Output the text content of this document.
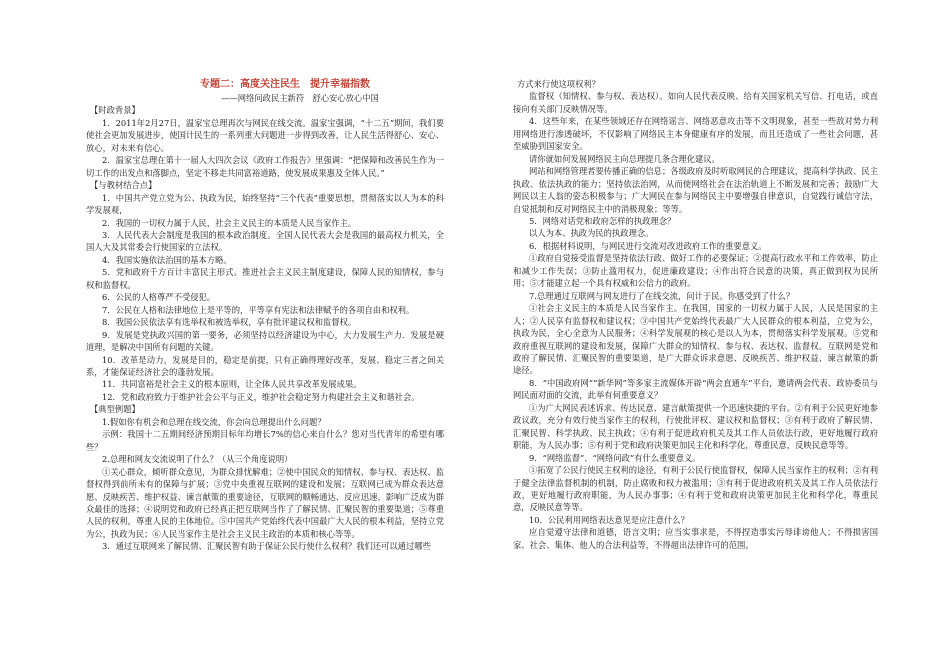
专题二：高度关注民生　提升幸福指数
——网络问政民主新符　舒心安心放心中国
【时政背景】
1．2011年2月27日，温家宝总理再次与网民在线交流。温家宝强调，“十二五”期间，我们要使社会更加发展进步，使国计民生的一系列重大问题进一步得到改善，让人民生活得舒心、安心、放心，对未来有信心。
2．温家宝总理在第十一届人大四次会议《政府工作报告》里强调：“把保障和改善民生作为一切工作的出发点和落脚点，坚定不移走共同富裕道路，使发展成果惠及全体人民。”
【与教材结合点】
1．中国共产党立党为公、执政为民，始终坚持“三个代表”重要思想，贯彻落实以人为本的科学发展观，
2．我国的一切权力属于人民，社会主义民主的本质是人民当家作主。
3．人民代表大会制度是我国的根本政治制度。全国人民代表大会是我国的最高权力机关，全国人大及其常委会行使国家的立法权。
4．我国实施依法治国的基本方略。
5．党和政府千方百计丰富民主形式。推进社会主义民主制度建设，保障人民的知情权，参与权和监督权。
6．公民的人格尊严不受侵犯。
7．公民在人格和法律地位上是平等的，平等享有宪法和法律赋予的各项自由和权利。
8．我国公民依法享有选举权和被选举权，享有批评建议权和监督权。
9．发展是党执政兴国的第一要务，必须坚持以经济建设为中心，大力发展生产力．发展是硬道理，是解决中国所有问题的关键。
10．改革是动力，发展是目的，稳定是前提，只有正确得理好改革，发展、稳定三者之间关系，才能保证经济社会的蓬勃发展。
11．共同富裕是社会主义的根本原则，让全体人民共享改革发展成果。
12．党和政府致力于维护社会公平与正义，维护社会稳定努力构建社会主义和谐社会。
【典型例题】
1.假如你有机会和总理在线交流，你会向总理提出什么问题？
示例：我国十二五期间经济预期目标年均增长7%的信心来自什么？您对当代青年的希望有哪些？
2.总理和网友交流说明了什么？（从三个角度说明）
①关心群众，倾听群众意见，为群众排忧解难；②使中国民众的知情权、参与权、表达权、监督权得到前所未有的保障与扩展；③党中央重视互联网的建设和发展；互联网已成为群众表达意愿、反映疾苦、维护权益、谏言献策的重要途径，互联网的顺畅通达、反应迅速、影响广泛成为群众最佳的选择；④说明党和政府已经真正把互联网当作了了解民情、汇聚民智的重要渠道；⑤尊重人民的权利，尊重人民的主体地位。⑤中国共产党始终代表中国最广大人民的根本利益，坚持立党为公，执政为民；⑥人民当家作主是社会主义民主政治的本质和核心等等。
3．通过互联网来了解民情、汇聚民智有助于保证公民行使什么权利？我们还可以通过哪些
方式来行使这项权利？
监督权（知情权、参与权、表达权）。如向人民代表反映、给有关国家机关写信、打电话，或直接向有关部门反映情况等。
4．这些年来，在某些领域还存在网络谣言、网络恶意攻击等不文明现象，甚至一些敌对势力利用网络进行渗透破坏，不仅影响了网络民主本身健康有序的发展，而且还造成了一些社会问题，甚至威胁到国家安全。
请你就如何发展网络民主向总理提几条合理化建议。
网站和网络管理者要传播正确的信息；各级政府及时听取网民的合理建议，提高科学执政、民主执政、依法执政的能力；坚持依法治网，从而使网络社会在法治轨道上不断发展和完善；鼓励广大网民以主人翁的姿态积极参与；广大网民在参与网络民主中要增强自律意识，自觉践行诚信守法，自觉抵制和反对网络民主中的消极现象；等等。
5．网络对话党和政府怎样的执政理念？
以人为本、执政为民的执政理念。
6．根据材料说明，与网民进行交流对改进政府工作的重要意义。
①政府自觉接受监督是坚持依法行政、做好工作的必要保证；②提高行政水平和工作效率，防止和减少工作失误；③防止滥用权力，促进廉政建设；④作出符合民意的决策，真正做到权为民所用；⑤才能建立起一个具有权威和公信力的政府。
7.总理通过互联网与网友进行了在线交流，问计于民。你感受到了什么？
①社会主义民主的本质是人民当家作主。在我国，国家的一切权力属于人民，人民是国家的主人；②人民享有监督权和建议权；③中国共产党始终代表最广大人民群众的根本利益，立党为公，执政为民，全心全意为人民服务；④科学发展观的核心是以人为本，贯彻落实科学发展观。⑤党和政府重视互联网的建设和发展，保障广大群众的知情权、参与权、表达权、监督权。互联网是党和政府了解民情、汇聚民智的重要渠道，是广大群众诉求意愿、反映疾苦、维护权益、谏言献策的新途径。
8．“中国政府网”“新华网”等多家主流媒体开辟“两会直通车”平台，邀请两会代表、政协委员与网民面对面的交流，此举有何重要意义？
①为广大网民表述诉求、传达民意、建言献策提供一个迅速快捷的平台。②有利于公民更好地参政议政，充分有效行使当家作主的权利，行使批评权、建议权和监督权；③有利于政府了解民情、汇聚民智、科学执政、民主执政；④有利于促进政府机关及其工作人员依法行政，更好地履行政府职能，为人民办事；⑤有利于党和政府决策更加民主化和科学化，尊重民意，反映民意等等。
9．“网络监督”、“网络问政”有什么重要意义。
①拓宽了公民行使民主权利的途径，有利于公民行使监督权，保障人民当家作主的权利；②有利于健全法律监督机制的机制，防止腐败和权力被滥用；③有利于促进政府机关及其工作人员依法行政，更好地履行政府职能，为人民办事事；④有利于党和政府决策更加民主化和科学化，尊重民意，反映民意等等。
10．公民利用网络表达意见是应注意什么？
应自觉遵守法律和道德，语言文明；应当实事求是，不得捏造事实污辱诽谤他人；不得损害国家、社会、集体、他人的合法利益等，不得超出法律许可的范围。
